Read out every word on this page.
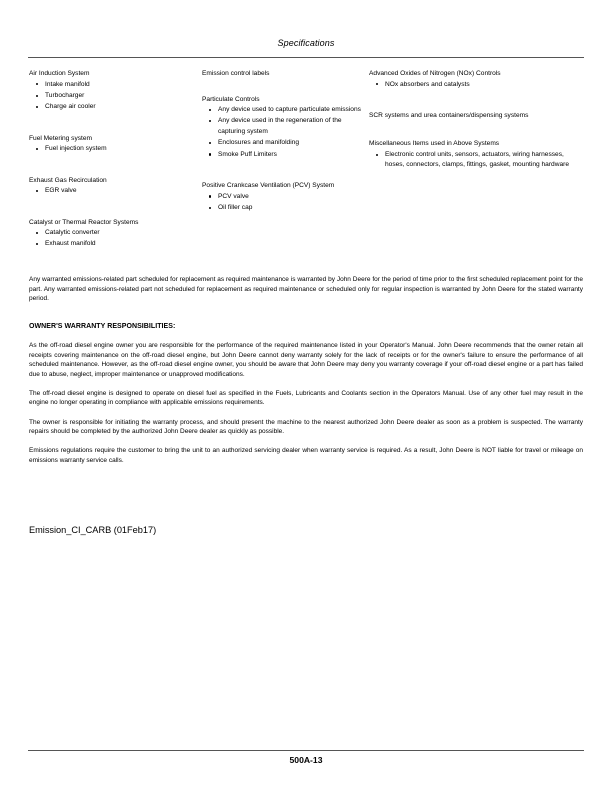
Specifications
Air Induction System
Intake manifold
Turbocharger
Charge air cooler
Fuel Metering system
Fuel injection system
Exhaust Gas Recirculation
EGR valve
Catalyst or Thermal Reactor Systems
Catalytic converter
Exhaust manifold
Emission control labels
Particulate Controls
Any device used to capture particulate emissions
Any device used in the regeneration of the capturing system
Enclosures and manifolding
Smoke Puff Limiters
Positive Crankcase Ventilation (PCV) System
PCV valve
Oil filler cap
Advanced Oxides of Nitrogen (NOx) Controls
NOx absorbers and catalysts
SCR systems and urea containers/dispensing systems
Miscellaneous Items used in Above Systems
Electronic control units, sensors, actuators, wiring harnesses, hoses, connectors, clamps, fittings, gasket, mounting hardware

Any warranted emissions-related part scheduled for replacement as required maintenance is warranted by John Deere for the period of time prior to the first scheduled replacement point for the part. Any warranted emissions-related part not scheduled for replacement as required maintenance or scheduled only for regular inspection is warranted by John Deere for the stated warranty period.

OWNER'S WARRANTY RESPONSIBILITIES:

As the off-road diesel engine owner you are responsible for the performance of the required maintenance listed in your Operator's Manual. John Deere recommends that the owner retain all receipts covering maintenance on the off-road diesel engine, but John Deere cannot deny warranty solely for the lack of receipts or for the owner's failure to ensure the performance of all scheduled maintenance. However, as the off-road diesel engine owner, you should be aware that John Deere may deny you warranty coverage if your off-road diesel engine or a part has failed due to abuse, neglect, improper maintenance or unapproved modifications.

The off-road diesel engine is designed to operate on diesel fuel as specified in the Fuels, Lubricants and Coolants section in the Operators Manual. Use of any other fuel may result in the engine no longer operating in compliance with applicable emissions requirements.

The owner is responsible for initiating the warranty process, and should present the machine to the nearest authorized John Deere dealer as soon as a problem is suspected. The warranty repairs should be completed by the authorized John Deere dealer as quickly as possible.

Emissions regulations require the customer to bring the unit to an authorized servicing dealer when warranty service is required. As a result, John Deere is NOT liable for travel or mileage on emissions warranty service calls.

Emission_CI_CARB (01Feb17)

500A-13
